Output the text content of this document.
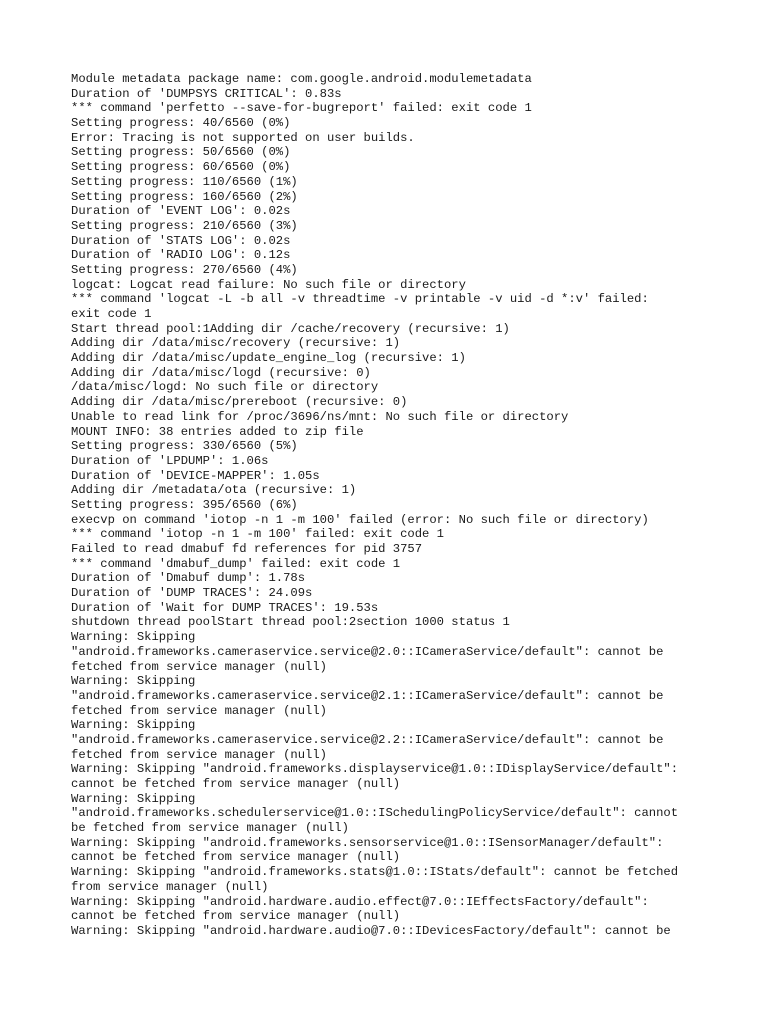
Module metadata package name: com.google.android.modulemetadata
Duration of 'DUMPSYS CRITICAL': 0.83s
*** command 'perfetto --save-for-bugreport' failed: exit code 1
Setting progress: 40/6560 (0%)
Error: Tracing is not supported on user builds.
Setting progress: 50/6560 (0%)
Setting progress: 60/6560 (0%)
Setting progress: 110/6560 (1%)
Setting progress: 160/6560 (2%)
Duration of 'EVENT LOG': 0.02s
Setting progress: 210/6560 (3%)
Duration of 'STATS LOG': 0.02s
Duration of 'RADIO LOG': 0.12s
Setting progress: 270/6560 (4%)
logcat: Logcat read failure: No such file or directory
*** command 'logcat -L -b all -v threadtime -v printable -v uid -d *:v' failed:
exit code 1
Start thread pool:1Adding dir /cache/recovery (recursive: 1)
Adding dir /data/misc/recovery (recursive: 1)
Adding dir /data/misc/update_engine_log (recursive: 1)
Adding dir /data/misc/logd (recursive: 0)
/data/misc/logd: No such file or directory
Adding dir /data/misc/prereboot (recursive: 0)
Unable to read link for /proc/3696/ns/mnt: No such file or directory
MOUNT INFO: 38 entries added to zip file
Setting progress: 330/6560 (5%)
Duration of 'LPDUMP': 1.06s
Duration of 'DEVICE-MAPPER': 1.05s
Adding dir /metadata/ota (recursive: 1)
Setting progress: 395/6560 (6%)
execvp on command 'iotop -n 1 -m 100' failed (error: No such file or directory)
*** command 'iotop -n 1 -m 100' failed: exit code 1
Failed to read dmabuf fd references for pid 3757
*** command 'dmabuf_dump' failed: exit code 1
Duration of 'Dmabuf dump': 1.78s
Duration of 'DUMP TRACES': 24.09s
Duration of 'Wait for DUMP TRACES': 19.53s
shutdown thread poolStart thread pool:2section 1000 status 1
Warning: Skipping
"android.frameworks.cameraservice.service@2.0::ICameraService/default": cannot be
fetched from service manager (null)
Warning: Skipping
"android.frameworks.cameraservice.service@2.1::ICameraService/default": cannot be
fetched from service manager (null)
Warning: Skipping
"android.frameworks.cameraservice.service@2.2::ICameraService/default": cannot be
fetched from service manager (null)
Warning: Skipping "android.frameworks.displayservice@1.0::IDisplayService/default":
cannot be fetched from service manager (null)
Warning: Skipping
"android.frameworks.schedulerservice@1.0::ISchedulingPolicyService/default": cannot
be fetched from service manager (null)
Warning: Skipping "android.frameworks.sensorservice@1.0::ISensorManager/default":
cannot be fetched from service manager (null)
Warning: Skipping "android.frameworks.stats@1.0::IStats/default": cannot be fetched
from service manager (null)
Warning: Skipping "android.hardware.audio.effect@7.0::IEffectsFactory/default":
cannot be fetched from service manager (null)
Warning: Skipping "android.hardware.audio@7.0::IDevicesFactory/default": cannot be
